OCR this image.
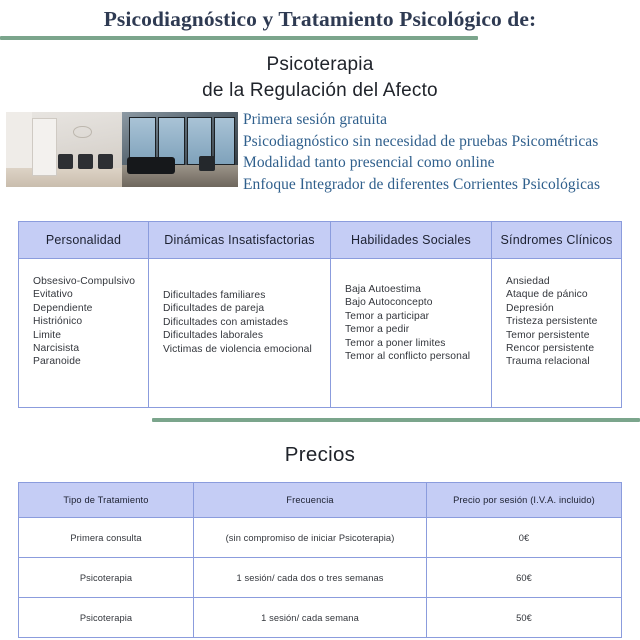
Psicodiagnóstico y Tratamiento Psicológico de:
Psicoterapia
de la Regulación del Afecto
Primera sesión gratuita
Psicodiagnóstico sin necesidad de pruebas Psicométricas
Modalidad tanto presencial como online
Enfoque Integrador de diferentes Corrientes Psicológicas
Personalidad	Dinámicas Insatisfactorias	Habilidades Sociales	Síndromes Clínicos

Obsesivo-Compulsivo
Evitativo
Dependiente
Histriónico
Limite
Narcisista
Paranoide

Dificultades familiares
Dificultades de pareja
Dificultades con amistades
Dificultades laborales
Victimas de violencia emocional

Baja Autoestima
Bajo Autoconcepto
Temor a participar
Temor a pedir
Temor a poner limites
Temor al conflicto personal

Ansiedad
Ataque de pánico
Depresión
Tristeza persistente
Temor persistente
Rencor persistente
Trauma relacional
Precios
Tipo de Tratamiento	Frecuencia	Precio por sesión (I.V.A. incluido)
Primera consulta	(sin compromiso de iniciar Psicoterapia)	0€
Psicoterapia	1 sesión/ cada dos o tres semanas	60€
Psicoterapia	1 sesión/ cada semana	50€
